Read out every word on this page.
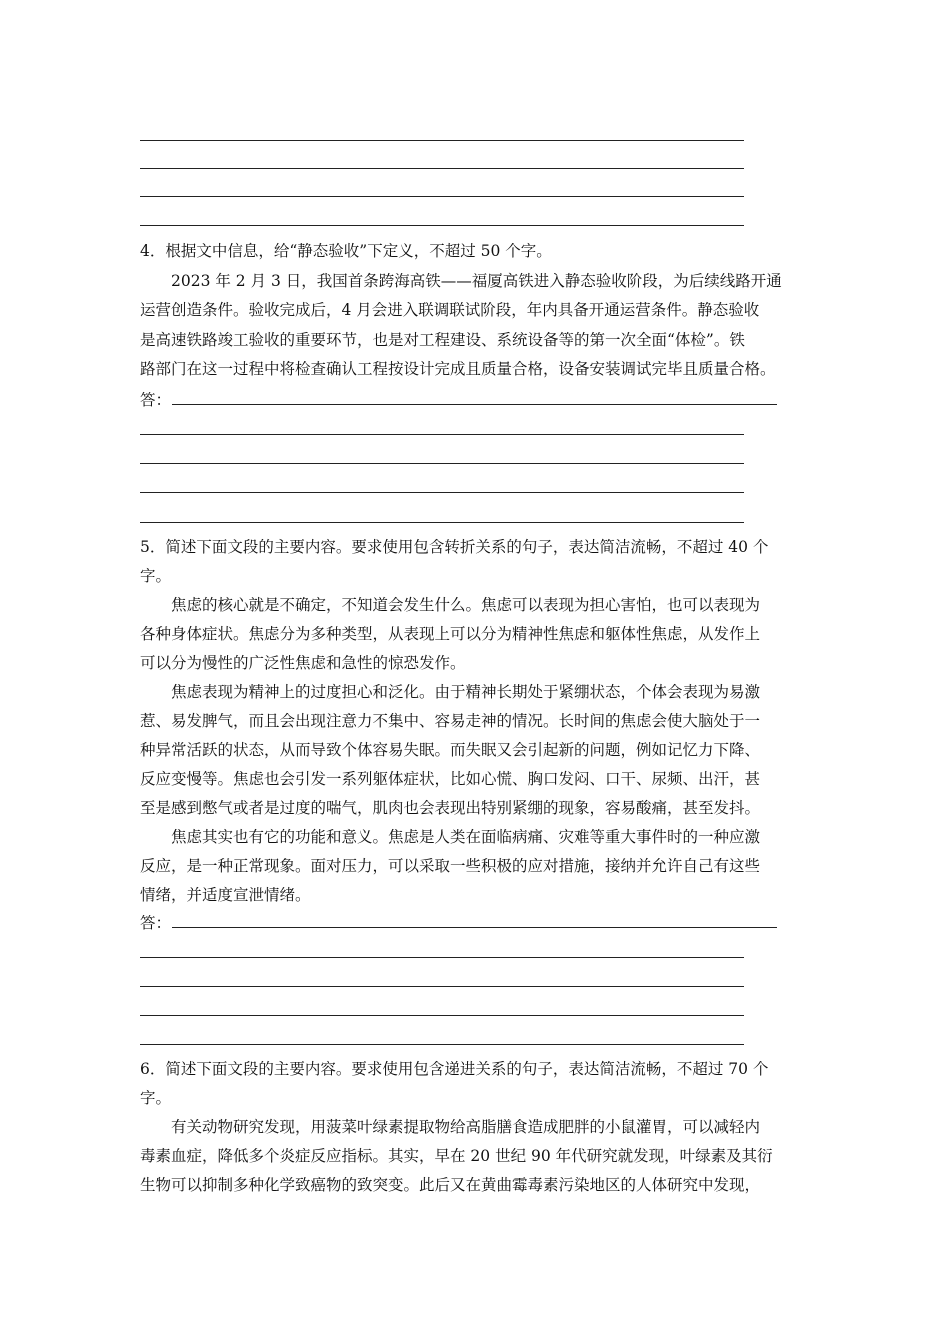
4．根据文中信息，给“静态验收”下定义，不超过 50 个字。
2023 年 2 月 3 日，我国首条跨海高铁——福厦高铁进入静态验收阶段，为后续线路开通
运营创造条件。验收完成后，4 月会进入联调联试阶段，年内具备开通运营条件。静态验收
是高速铁路竣工验收的重要环节，也是对工程建设、系统设备等的第一次全面“体检”。铁
路部门在这一过程中将检查确认工程按设计完成且质量合格，设备安装调试完毕且质量合格。
答：
5．简述下面文段的主要内容。要求使用包含转折关系的句子，表达简洁流畅，不超过 40 个
字。
焦虑的核心就是不确定，不知道会发生什么。焦虑可以表现为担心害怕，也可以表现为
各种身体症状。焦虑分为多种类型，从表现上可以分为精神性焦虑和躯体性焦虑，从发作上
可以分为慢性的广泛性焦虑和急性的惊恐发作。
焦虑表现为精神上的过度担心和泛化。由于精神长期处于紧绷状态，个体会表现为易激
惹、易发脾气，而且会出现注意力不集中、容易走神的情况。长时间的焦虑会使大脑处于一
种异常活跃的状态，从而导致个体容易失眠。而失眠又会引起新的问题，例如记忆力下降、
反应变慢等。焦虑也会引发一系列躯体症状，比如心慌、胸口发闷、口干、尿频、出汗，甚
至是感到憋气或者是过度的喘气，肌肉也会表现出特别紧绷的现象，容易酸痛，甚至发抖。
焦虑其实也有它的功能和意义。焦虑是人类在面临病痛、灾难等重大事件时的一种应激
反应，是一种正常现象。面对压力，可以采取一些积极的应对措施，接纳并允许自己有这些
情绪，并适度宣泄情绪。
答：
6．简述下面文段的主要内容。要求使用包含递进关系的句子，表达简洁流畅，不超过 70 个
字。
有关动物研究发现，用菠菜叶绿素提取物给高脂膳食造成肥胖的小鼠灌胃，可以减轻内
毒素血症，降低多个炎症反应指标。其实，早在 20 世纪 90 年代研究就发现，叶绿素及其衍
生物可以抑制多种化学致癌物的致突变。此后又在黄曲霉毒素污染地区的人体研究中发现，
